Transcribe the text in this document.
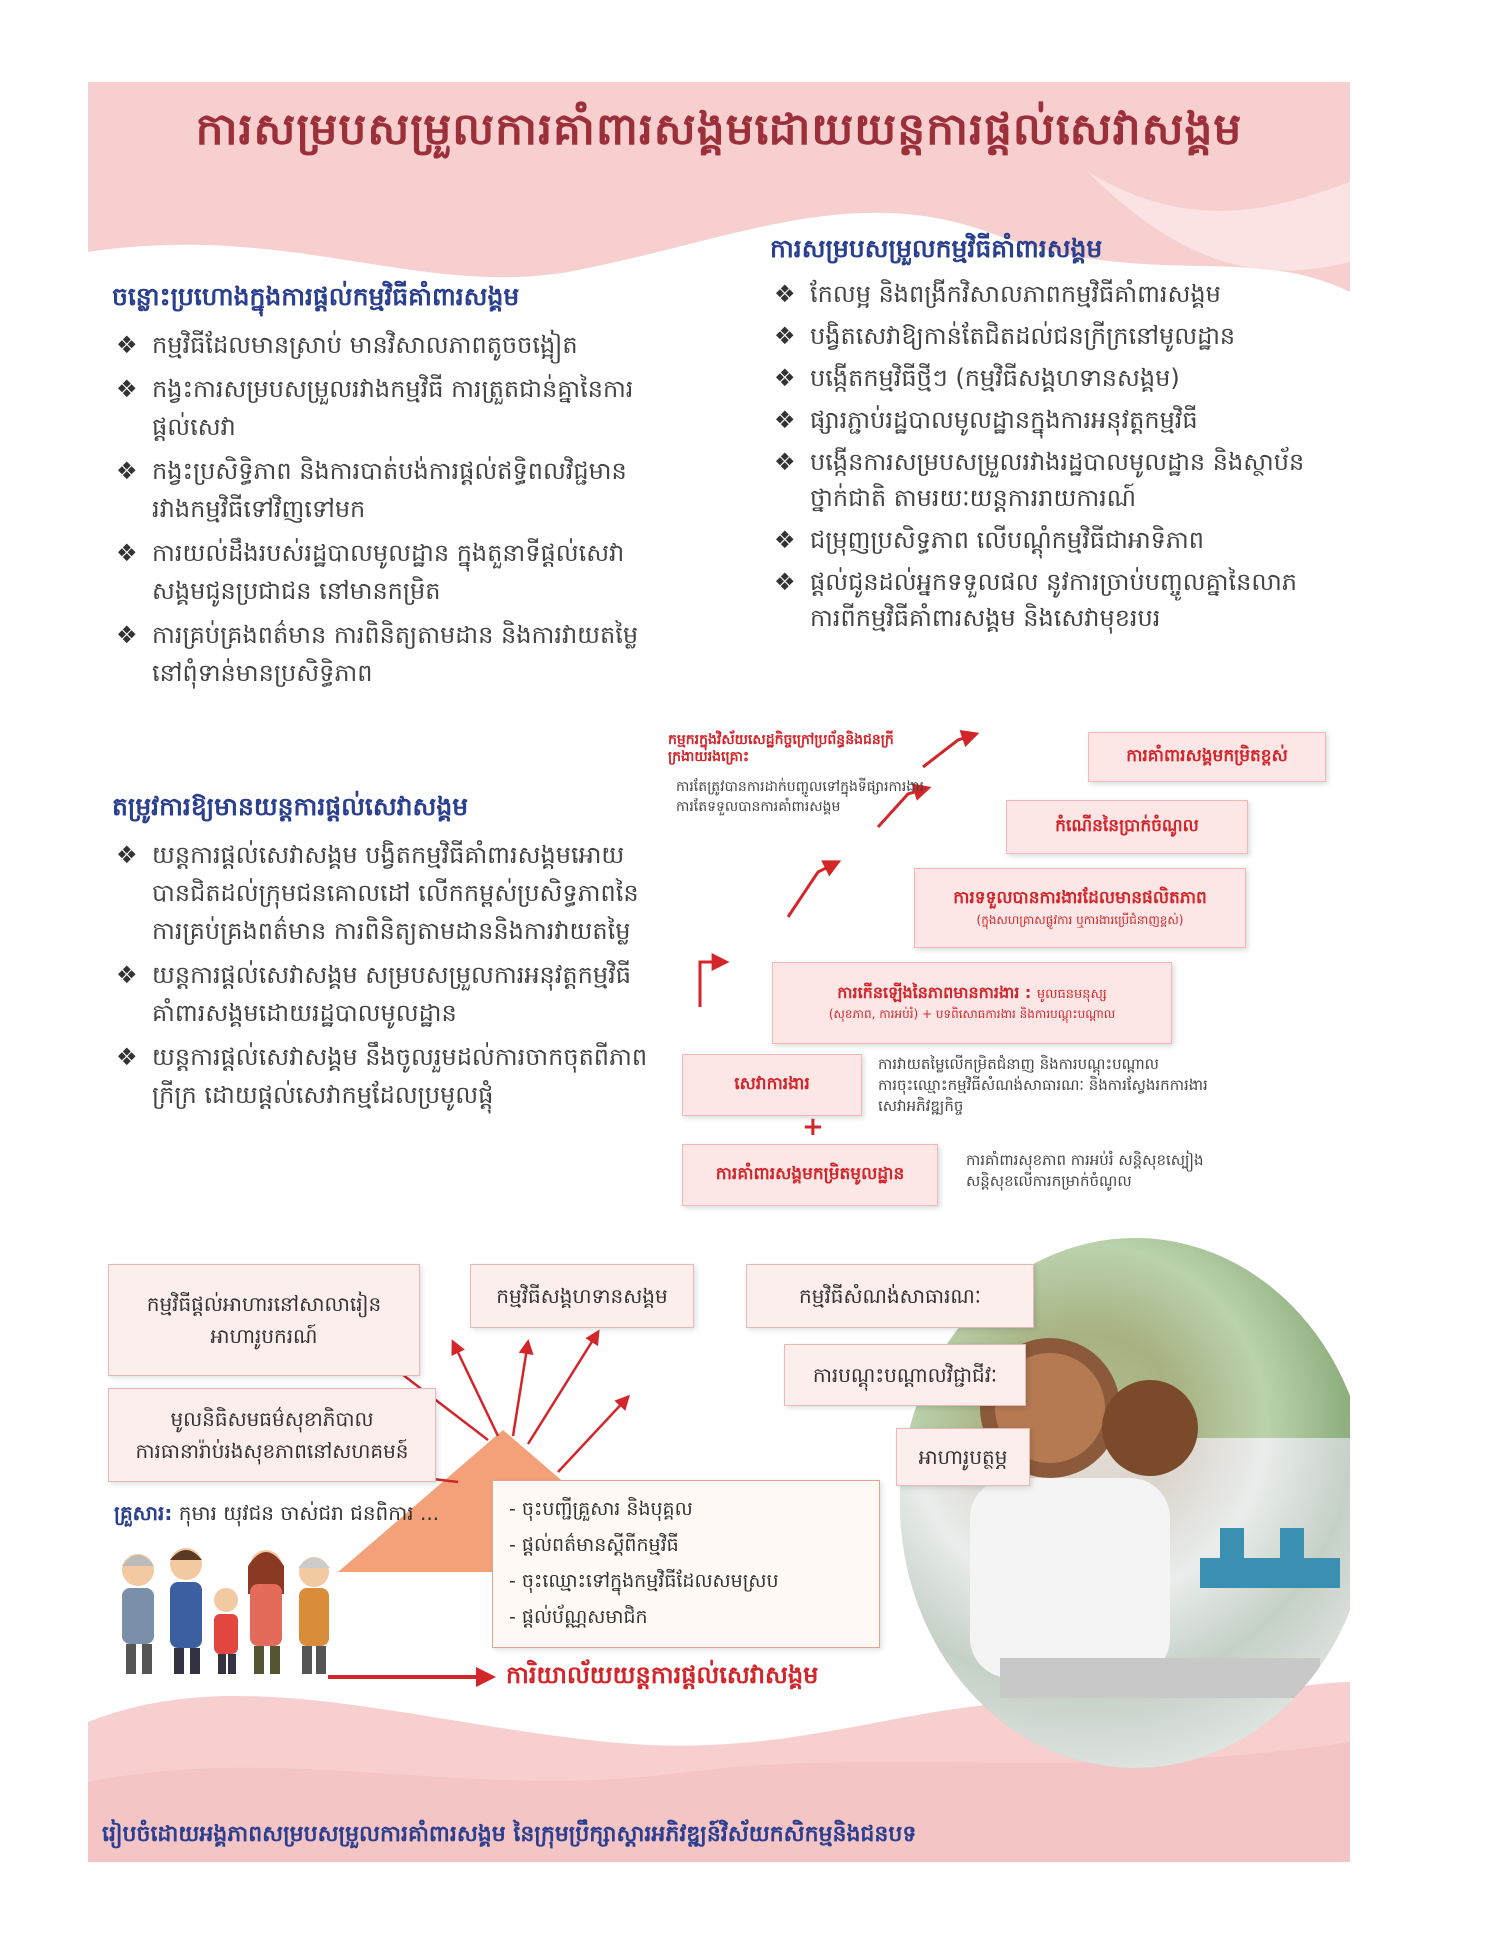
ការសម្របសម្រួលការគាំពារសង្គមដោយយន្តការផ្តល់សេវាសង្គម
ចន្លោះប្រហោងក្នុងការផ្តល់កម្មវិធីគាំពារសង្គម
❖ កម្មវិធីដែលមានស្រាប់ មានវិសាលភាពតូចចង្អៀត
❖ កង្វះការសម្របសម្រួលរវាងកម្មវិធី ការត្រួតជាន់គ្នានៃការផ្តល់សេវា
❖ កង្វះប្រសិទ្ធិភាព និងការបាត់បង់ការផ្តល់ឥទ្ធិពលវិជ្ជមានរវាងកម្មវិធីទៅវិញទៅមក
❖ ការយល់ដឹងរបស់រដ្ឋបាលមូលដ្ឋាន ក្នុងតួនាទីផ្តល់សេវាសង្គមជូនប្រជាជន នៅមានកម្រិត
❖ ការគ្រប់គ្រងពត៌មាន ការពិនិត្យតាមដាន និងការវាយតម្លៃនៅពុំទាន់មានប្រសិទ្ធិភាព
ការសម្របសម្រួលកម្មវិធីគាំពារសង្គម
❖ កែលម្អ និងពង្រីកវិសាលភាពកម្មវិធីគាំពារសង្គម
❖ បង្វិតសេវាឱ្យកាន់តែជិតដល់ជនក្រីក្រនៅមូលដ្ឋាន
❖ បង្កើតកម្មវិធីថ្មីៗ (កម្មវិធីសង្គហទានសង្គម)
❖ ផ្សារភ្ជាប់រដ្ឋបាលមូលដ្ឋានក្នុងការអនុវត្តកម្មវិធី
❖ បង្កើនការសម្របសម្រួលរវាងរដ្ឋបាលមូលដ្ឋាន និងស្ថាប័នថ្នាក់ជាតិ តាមរយៈយន្តការរាយការណ៍
❖ ជម្រុញប្រសិទ្ធភាព លើបណ្តុំកម្មវិធីជាអាទិភាព
❖ ផ្តល់ជូនដល់អ្នកទទួលផល នូវការច្រាប់បញ្ចូលគ្នានៃលាភការពីកម្មវិធីគាំពារសង្គម និងសេវាមុខរបរ
តម្រូវការឱ្យមានយន្តការផ្តល់សេវាសង្គម
❖ យន្តការផ្តល់សេវាសង្គម បង្វិតកម្មវិធីគាំពារសង្គមអោយបានជិតដល់ក្រុមជនគោលដៅ លើកកម្ពស់ប្រសិទ្ធភាពនៃការគ្រប់គ្រងពត៌មាន ការពិនិត្យតាមដាននិងការវាយតម្លៃ
❖ យន្តការផ្តល់សេវាសង្គម សម្របសម្រួលការអនុវត្តកម្មវិធីគាំពារសង្គមដោយរដ្ឋបាលមូលដ្ឋាន
❖ យន្តការផ្តល់សេវាសង្គម នឹងចូលរួមដល់ការចាកចុតពីភាពក្រីក្រ ដោយផ្តល់សេវាកម្មដែលប្រមូលផ្តុំ
កម្មករក្នុងវិស័យសេដ្ឋកិច្ចក្រៅប្រព័ន្ធនិងជនក្រីក្រងាយរងគ្រោះ
ការតែត្រូវបានការដាក់បញ្ចូលទៅក្នុងទីផ្សារការងារ
ការតែទទួលបានការគាំពារសង្គម
ការគាំពារសង្គមកម្រិតខ្ពស់
កំណើននៃប្រាក់ចំណូល
ការទទួលបានការងារដែលមានផលិតភាព
(ក្នុងសហគ្រាសផ្លូវការ ឬការងារប្រើជំនាញខ្ពស់)
ការកើនឡើងនៃភាពមានការងារ : មូលធនមនុស្ស
(សុខភាព, ការអប់រំ) + បទពិសោធការងារ និងការបណ្តុះបណ្តាល
សេវាការងារ
+
ការគាំពារសង្គមកម្រិតមូលដ្ឋាន
ការវាយតម្លៃលើកម្រិតជំនាញ និងការបណ្តុះបណ្តាល
ការចុះឈ្មោះកម្មវិធីសំណង់សាធារណៈ និងការស្វែងរកការងារ
សេវាអភិវឌ្ឍកិច្ច
ការគាំពារសុខភាព ការអប់រំ សន្តិសុខស្បៀង
សន្តិសុខលើការកម្រាក់ចំណូល
កម្មវិធីផ្តល់អាហារនៅសាលារៀន
អាហារូបករណ៍
កម្មវិធីសង្គហទានសង្គម	កម្មវិធីសំណង់សាធារណៈ
ការបណ្តុះបណ្តាលវិជ្ជាជីវៈ
អាហារូបត្ថម្ភ
មូលនិធិសមធម៌សុខាភិបាល
ការធានារ៉ាប់រងសុខភាពនៅសហគមន៍
- ចុះបញ្ជីគ្រួសារ និងបុគ្គល
- ផ្តល់ពត៌មានស្តីពីកម្មវិធី
- ចុះឈ្មោះទៅក្នុងកម្មវិធីដែលសមស្រប
- ផ្តល់ប័ណ្ណសមាជិក
គ្រួសារ: កុមារ យុវជន ចាស់ជរា ជនពិការ ...
ការិយាល័យយន្តការផ្តល់សេវាសង្គម
រៀបចំដោយអង្គភាពសម្របសម្រួលការគាំពារសង្គម នៃក្រុមប្រឹក្សាស្តារអភិវឌ្ឍន៍វិស័យកសិកម្មនិងជនបទ
